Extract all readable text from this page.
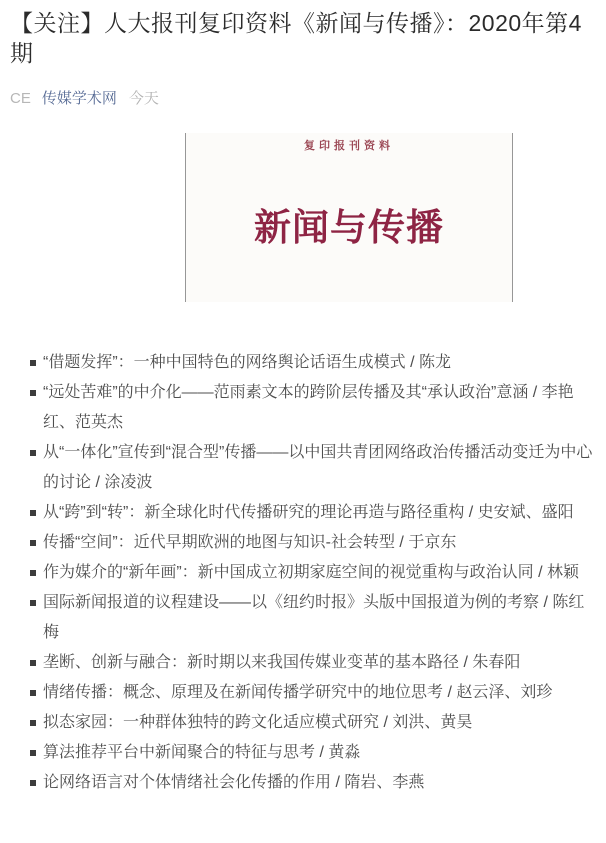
【关注】人大报刊复印资料《新闻与传播》：2020年第4期
CE 传媒学术网 今天
复印报刊资料
新闻与传播
“借题发挥”：一种中国特色的网络舆论话语生成模式 / 陈龙
“远处苦难”的中介化——范雨素文本的跨阶层传播及其“承认政治”意涵 / 李艳红、范英杰
从“一体化”宣传到“混合型”传播——以中国共青团网络政治传播活动变迁为中心的讨论 / 涂凌波
从“跨”到“转”：新全球化时代传播研究的理论再造与路径重构 / 史安斌、盛阳
传播“空间”：近代早期欧洲的地图与知识-社会转型 / 于京东
作为媒介的“新年画”：新中国成立初期家庭空间的视觉重构与政治认同 / 林颖
国际新闻报道的议程建设——以《纽约时报》头版中国报道为例的考察 / 陈红梅
垄断、创新与融合：新时期以来我国传媒业变革的基本路径 / 朱春阳
情绪传播：概念、原理及在新闻传播学研究中的地位思考 / 赵云泽、刘珍
拟态家园：一种群体独特的跨文化适应模式研究 / 刘洪、黄昊
算法推荐平台中新闻聚合的特征与思考 / 黄淼
论网络语言对个体情绪社会化传播的作用 / 隋岩、李燕
